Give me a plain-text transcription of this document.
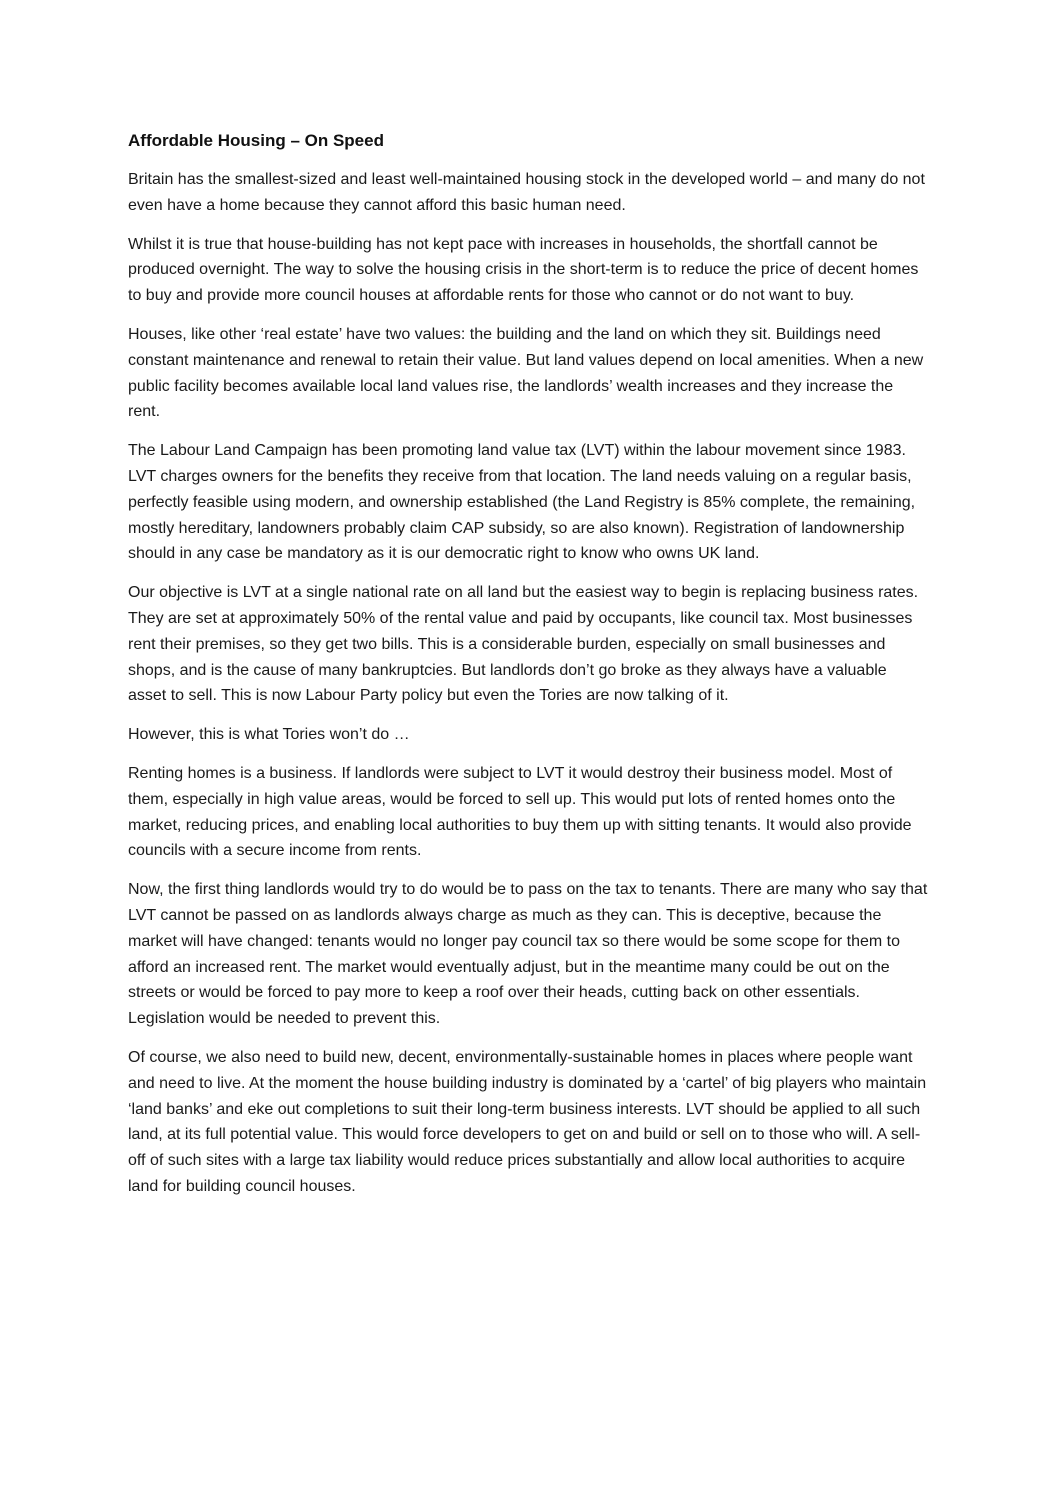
Affordable Housing – On Speed

Britain has the smallest-sized and least well-maintained housing stock in the developed world – and many do not even have a home because they cannot afford this basic human need.

Whilst it is true that house-building has not kept pace with increases in households, the shortfall cannot be produced overnight. The way to solve the housing crisis in the short-term is to reduce the price of decent homes to buy and provide more council houses at affordable rents for those who cannot or do not want to buy.

Houses, like other ‘real estate’ have two values: the building and the land on which they sit. Buildings need constant maintenance and renewal to retain their value. But land values depend on local amenities. When a new public facility becomes available local land values rise, the landlords’ wealth increases and they increase the rent.

The Labour Land Campaign has been promoting land value tax (LVT) within the labour movement since 1983. LVT charges owners for the benefits they receive from that location. The land needs valuing on a regular basis, perfectly feasible using modern, and ownership established (the Land Registry is 85% complete, the remaining, mostly hereditary, landowners probably claim CAP subsidy, so are also known). Registration of landownership should in any case be mandatory as it is our democratic right to know who owns UK land.

Our objective is LVT at a single national rate on all land but the easiest way to begin is replacing business rates. They are set at approximately 50% of the rental value and paid by occupants, like council tax. Most businesses rent their premises, so they get two bills. This is a considerable burden, especially on small businesses and shops, and is the cause of many bankruptcies. But landlords don’t go broke as they always have a valuable asset to sell. This is now Labour Party policy but even the Tories are now talking of it.

However, this is what Tories won’t do …

Renting homes is a business. If landlords were subject to LVT it would destroy their business model. Most of them, especially in high value areas, would be forced to sell up. This would put lots of rented homes onto the market, reducing prices, and enabling local authorities to buy them up with sitting tenants. It would also provide councils with a secure income from rents.

Now, the first thing landlords would try to do would be to pass on the tax to tenants. There are many who say that LVT cannot be passed on as landlords always charge as much as they can. This is deceptive, because the market will have changed: tenants would no longer pay council tax so there would be some scope for them to afford an increased rent. The market would eventually adjust, but in the meantime many could be out on the streets or would be forced to pay more to keep a roof over their heads, cutting back on other essentials. Legislation would be needed to prevent this.

Of course, we also need to build new, decent, environmentally-sustainable homes in places where people want and need to live. At the moment the house building industry is dominated by a ‘cartel’ of big players who maintain ‘land banks’ and eke out completions to suit their long-term business interests. LVT should be applied to all such land, at its full potential value. This would force developers to get on and build or sell on to those who will. A sell-off of such sites with a large tax liability would reduce prices substantially and allow local authorities to acquire land for building council houses.
